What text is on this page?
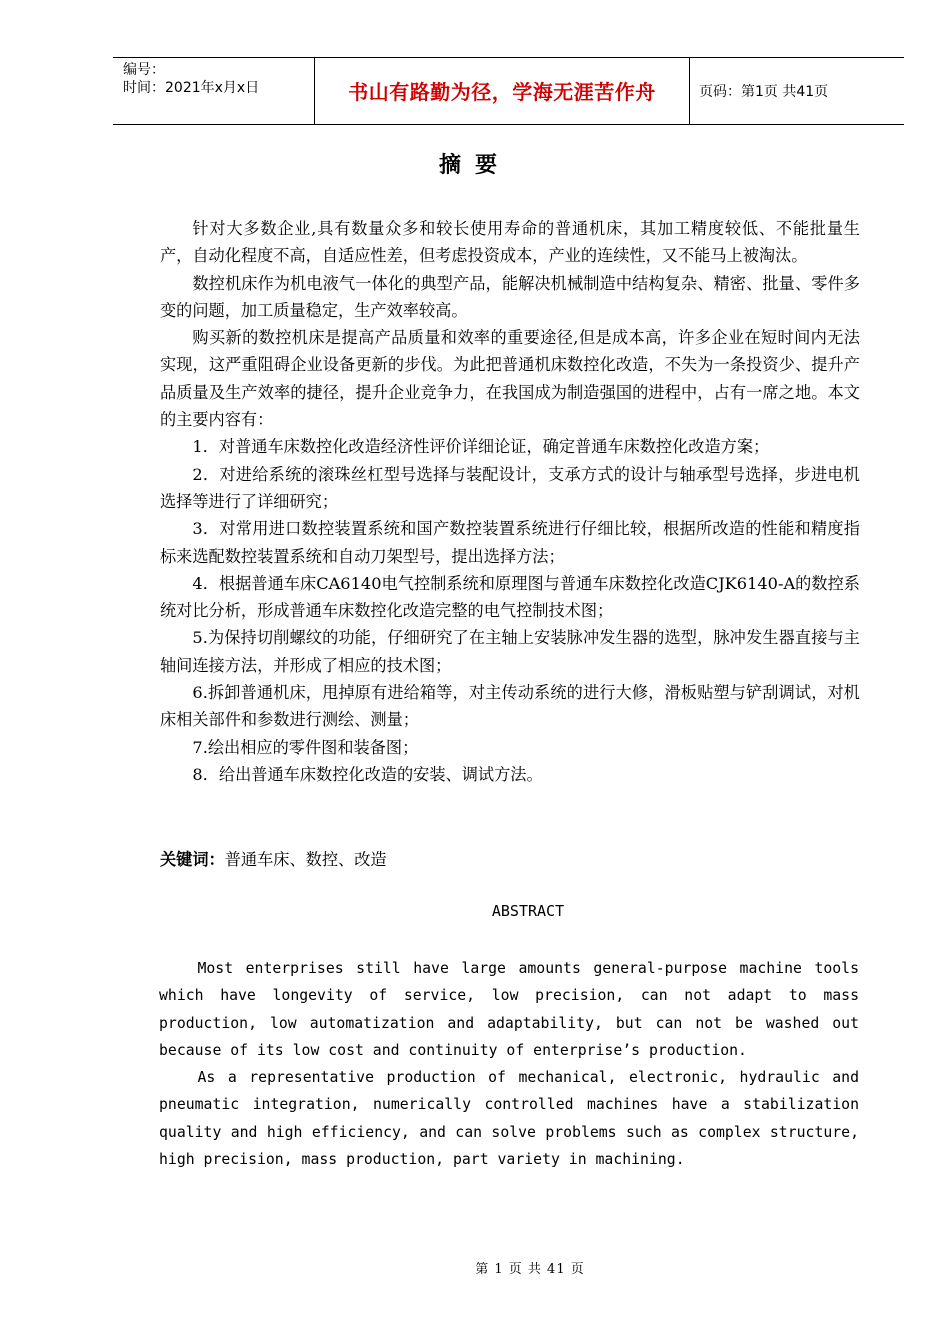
编号：
时间：2021年x月x日	书山有路勤为径，学海无涯苦作舟	页码：第1页 共41页
摘要

针对大多数企业,具有数量众多和较长使用寿命的普通机床，其加工精度较低、不能批量生产，自动化程度不高，自适应性差，但考虑投资成本，产业的连续性，又不能马上被淘汰。

数控机床作为机电液气一体化的典型产品，能解决机械制造中结构复杂、精密、批量、零件多变的问题，加工质量稳定，生产效率较高。

购买新的数控机床是提高产品质量和效率的重要途径,但是成本高，许多企业在短时间内无法实现，这严重阻碍企业设备更新的步伐。为此把普通机床数控化改造，不失为一条投资少、提升产品质量及生产效率的捷径，提升企业竞争力，在我国成为制造强国的进程中，占有一席之地。本文的主要内容有：

1．对普通车床数控化改造经济性评价详细论证，确定普通车床数控化改造方案；

2．对进给系统的滚珠丝杠型号选择与装配设计，支承方式的设计与轴承型号选择，步进电机选择等进行了详细研究；

3．对常用进口数控装置系统和国产数控装置系统进行仔细比较，根据所改造的性能和精度指标来选配数控装置系统和自动刀架型号，提出选择方法；

4．根据普通车床CA6140电气控制系统和原理图与普通车床数控化改造CJK6140-A的数控系统对比分析，形成普通车床数控化改造完整的电气控制技术图；

5.为保持切削螺纹的功能，仔细研究了在主轴上安装脉冲发生器的选型，脉冲发生器直接与主轴间连接方法，并形成了相应的技术图；

6.拆卸普通机床，甩掉原有进给箱等，对主传动系统的进行大修，滑板贴塑与铲刮调试，对机床相关部件和参数进行测绘、测量；

7.绘出相应的零件图和装备图；

8．给出普通车床数控化改造的安装、调试方法。

关键词：普通车床、数控、改造
ABSTRACT

Most enterprises still have large amounts general-purpose machine tools which have longevity of service, low precision, can not adapt to mass production, low automatization and adaptability, but can not be washed out because of its low cost and continuity of enterprise’s production.

As a representative production of mechanical, electronic, hydraulic and pneumatic integration, numerically controlled machines have a stabilization quality and high efficiency, and can solve problems such as complex structure, high precision, mass production, part variety in machining.

第 1 页 共 41 页
